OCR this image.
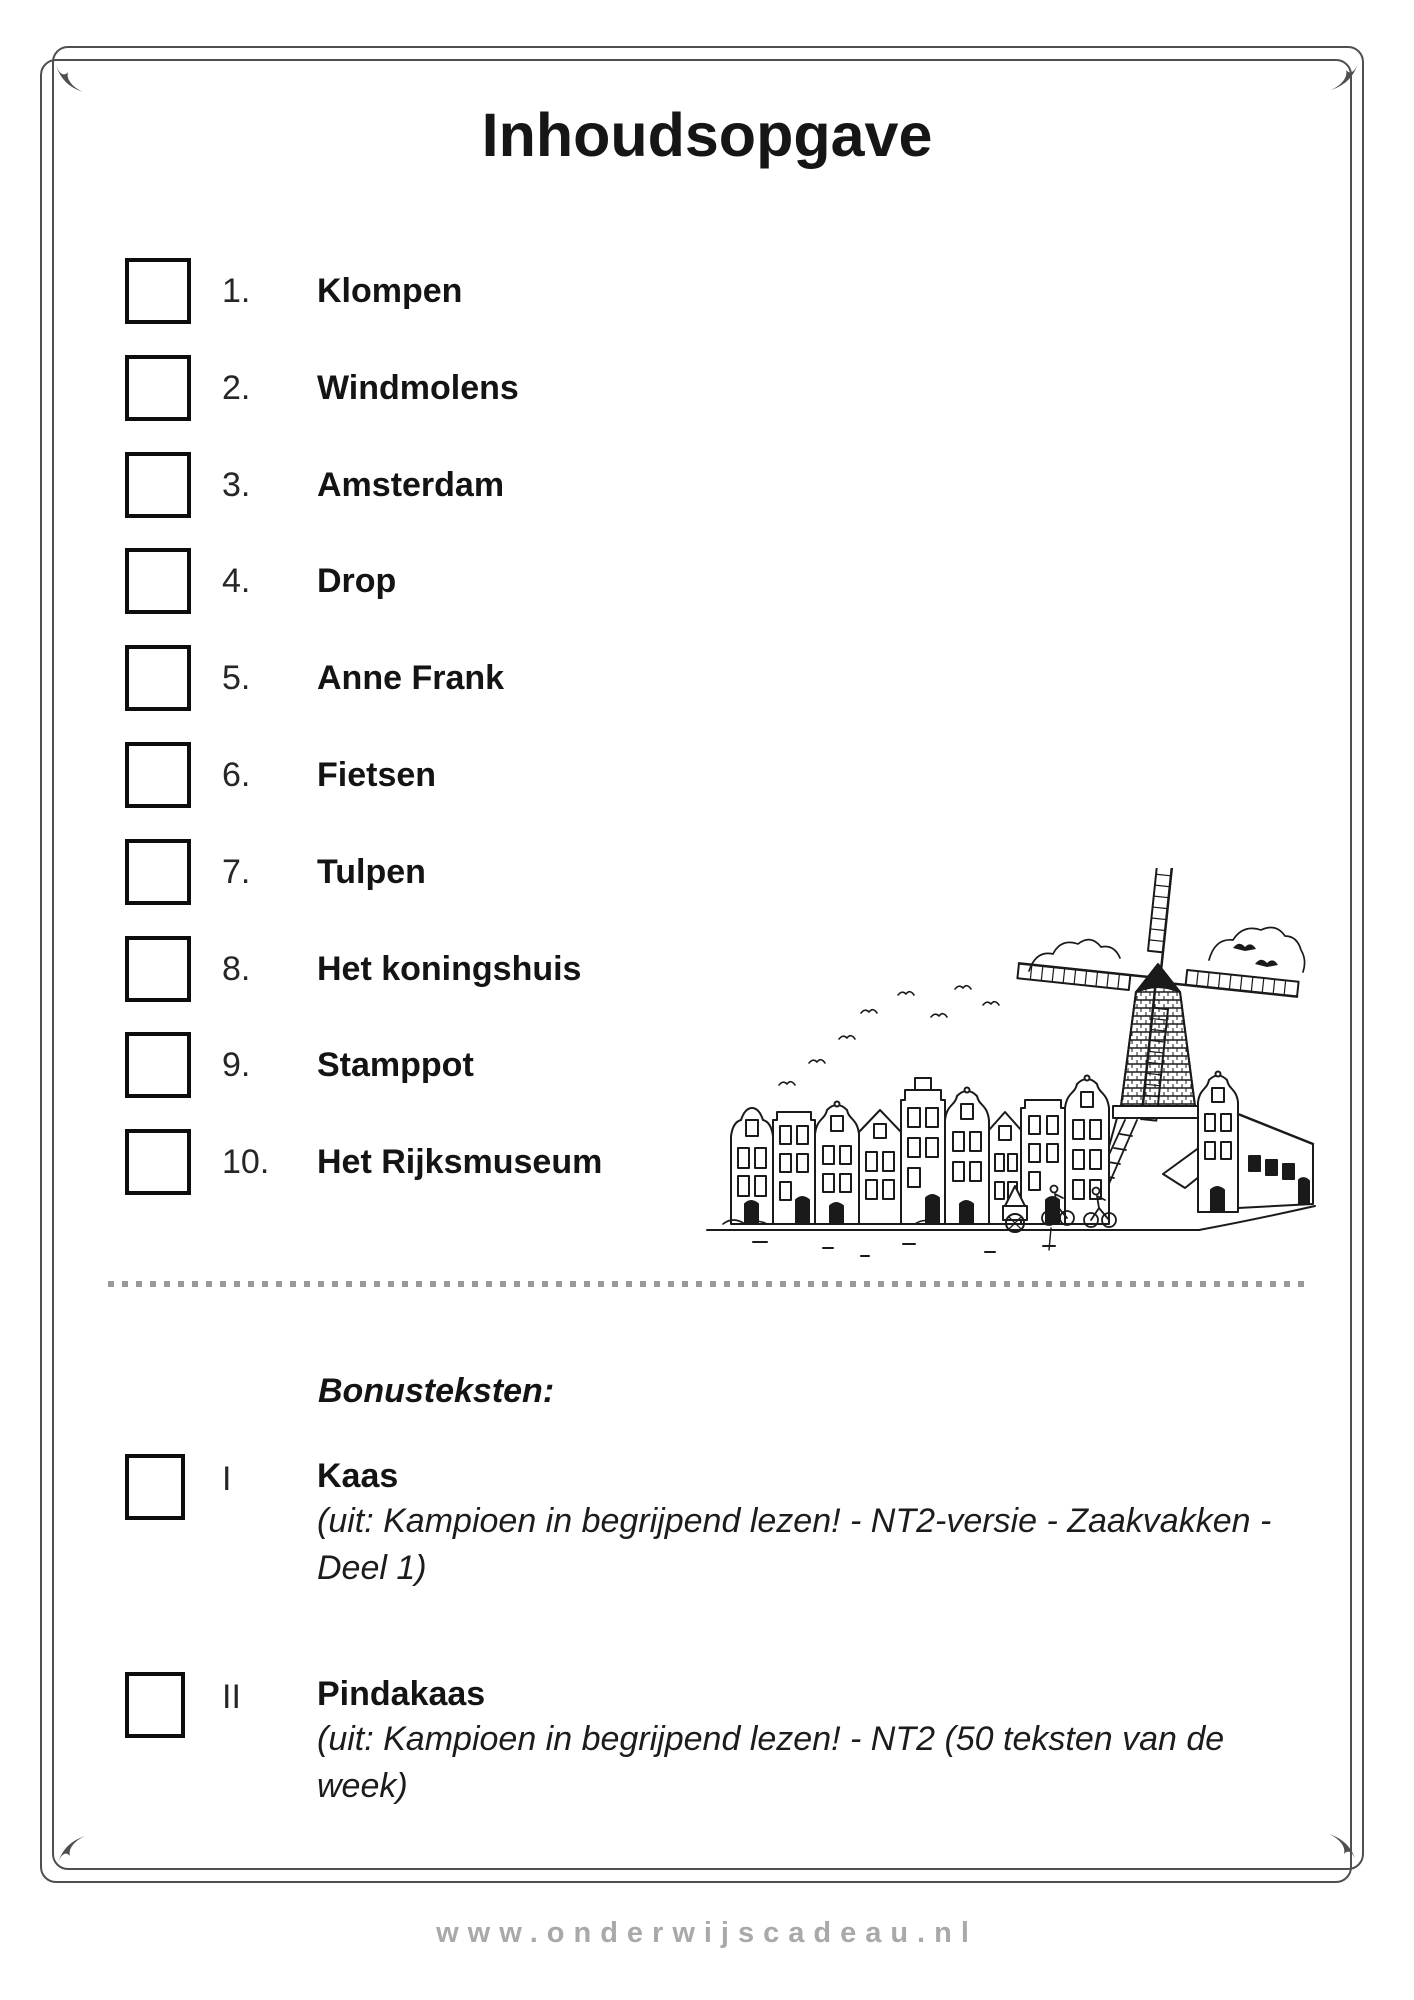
Inhoudsopgave
1.	Klompen
2.	Windmolens
3.	Amsterdam
4.	Drop
5.	Anne Frank
6.	Fietsen
7.	Tulpen
8.	Het koningshuis
9.	Stamppot
10.	Het Rijksmuseum
Bonusteksten:
I	Kaas
(uit: Kampioen in begrijpend lezen! - NT2-versie - Zaakvakken -
Deel 1)
II	Pindakaas
(uit: Kampioen in begrijpend lezen! - NT2 (50 teksten van de
week)
www.onderwijscadeau.nl
